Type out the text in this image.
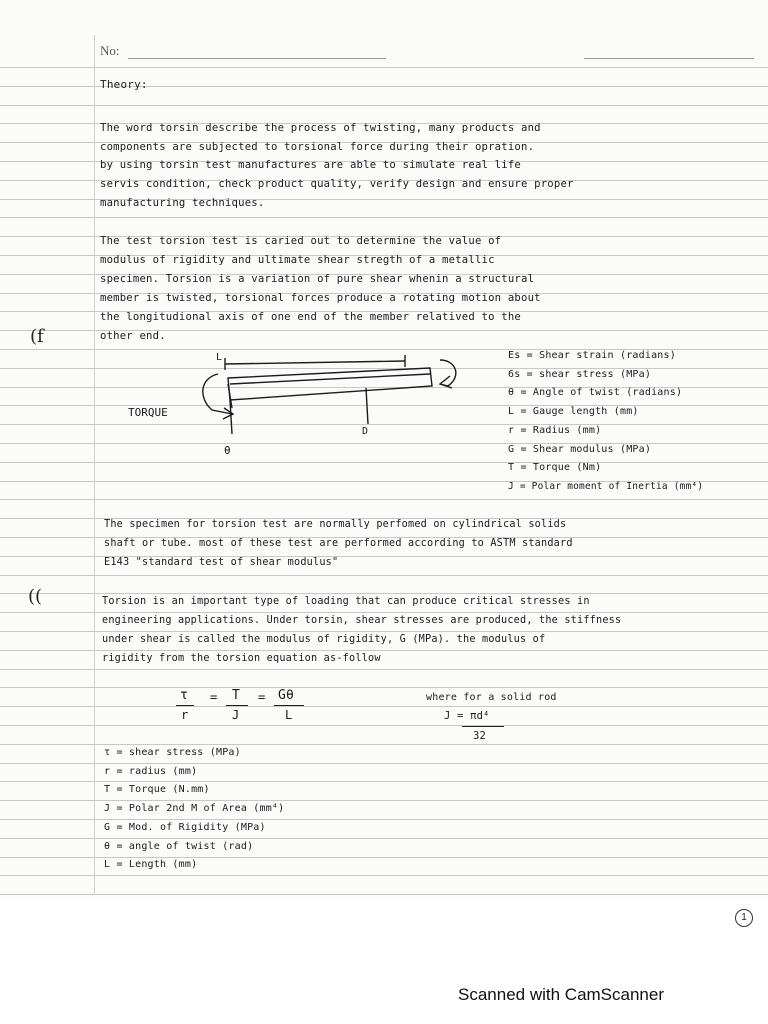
No:
Theory:
The word torsin describe the process of twisting, many products and
components are subjected to torsional force during their opration.
by using torsin test manufactures are able to simulate real life
servis condition, check product quality, verify design and ensure proper
manufacturing techniques.
The test torsion test is caried out to determine the value of
modulus of rigidity and ultimate shear stregth of a metallic
specimen. Torsion is a variation of pure shear whenin a structural
member is twisted, torsional forces produce a rotating motion about
the longitudional axis of one end of the member relatived to the
other end.
(f
((
L
TORQUE
θ
D
Es = Shear strain (radians)
6s = shear stress (MPa)
θ = Angle of twist (radians)
L = Gauge length (mm)
r = Radius (mm)
G = Shear modulus (MPa)
T = Torque (Nm)
J = Polar moment of Inertia (mm⁴)
The specimen for torsion test are normally perfomed on cylindrical solids
shaft or tube. most of these test are performed according to ASTM standard
E143 "standard test of shear modulus"
Torsion is an important type of loading that can produce critical stresses in
engineering applications. Under torsin, shear stresses are produced, the stiffness
under shear is called the modulus of rigidity, G (MPa). the modulus of
rigidity from the torsion equation as-follow
τ
r
= T
J
= Gθ
L
where for a solid rod
J = πd⁴
32
τ = shear stress (MPa)
r = radius (mm)
T = Torque (N.mm)
J = Polar 2nd M of Area (mm⁴)
G = Mod. of Rigidity (MPa)
θ = angle of twist (rad)
L = Length (mm)
1
Scanned with CamScanner
